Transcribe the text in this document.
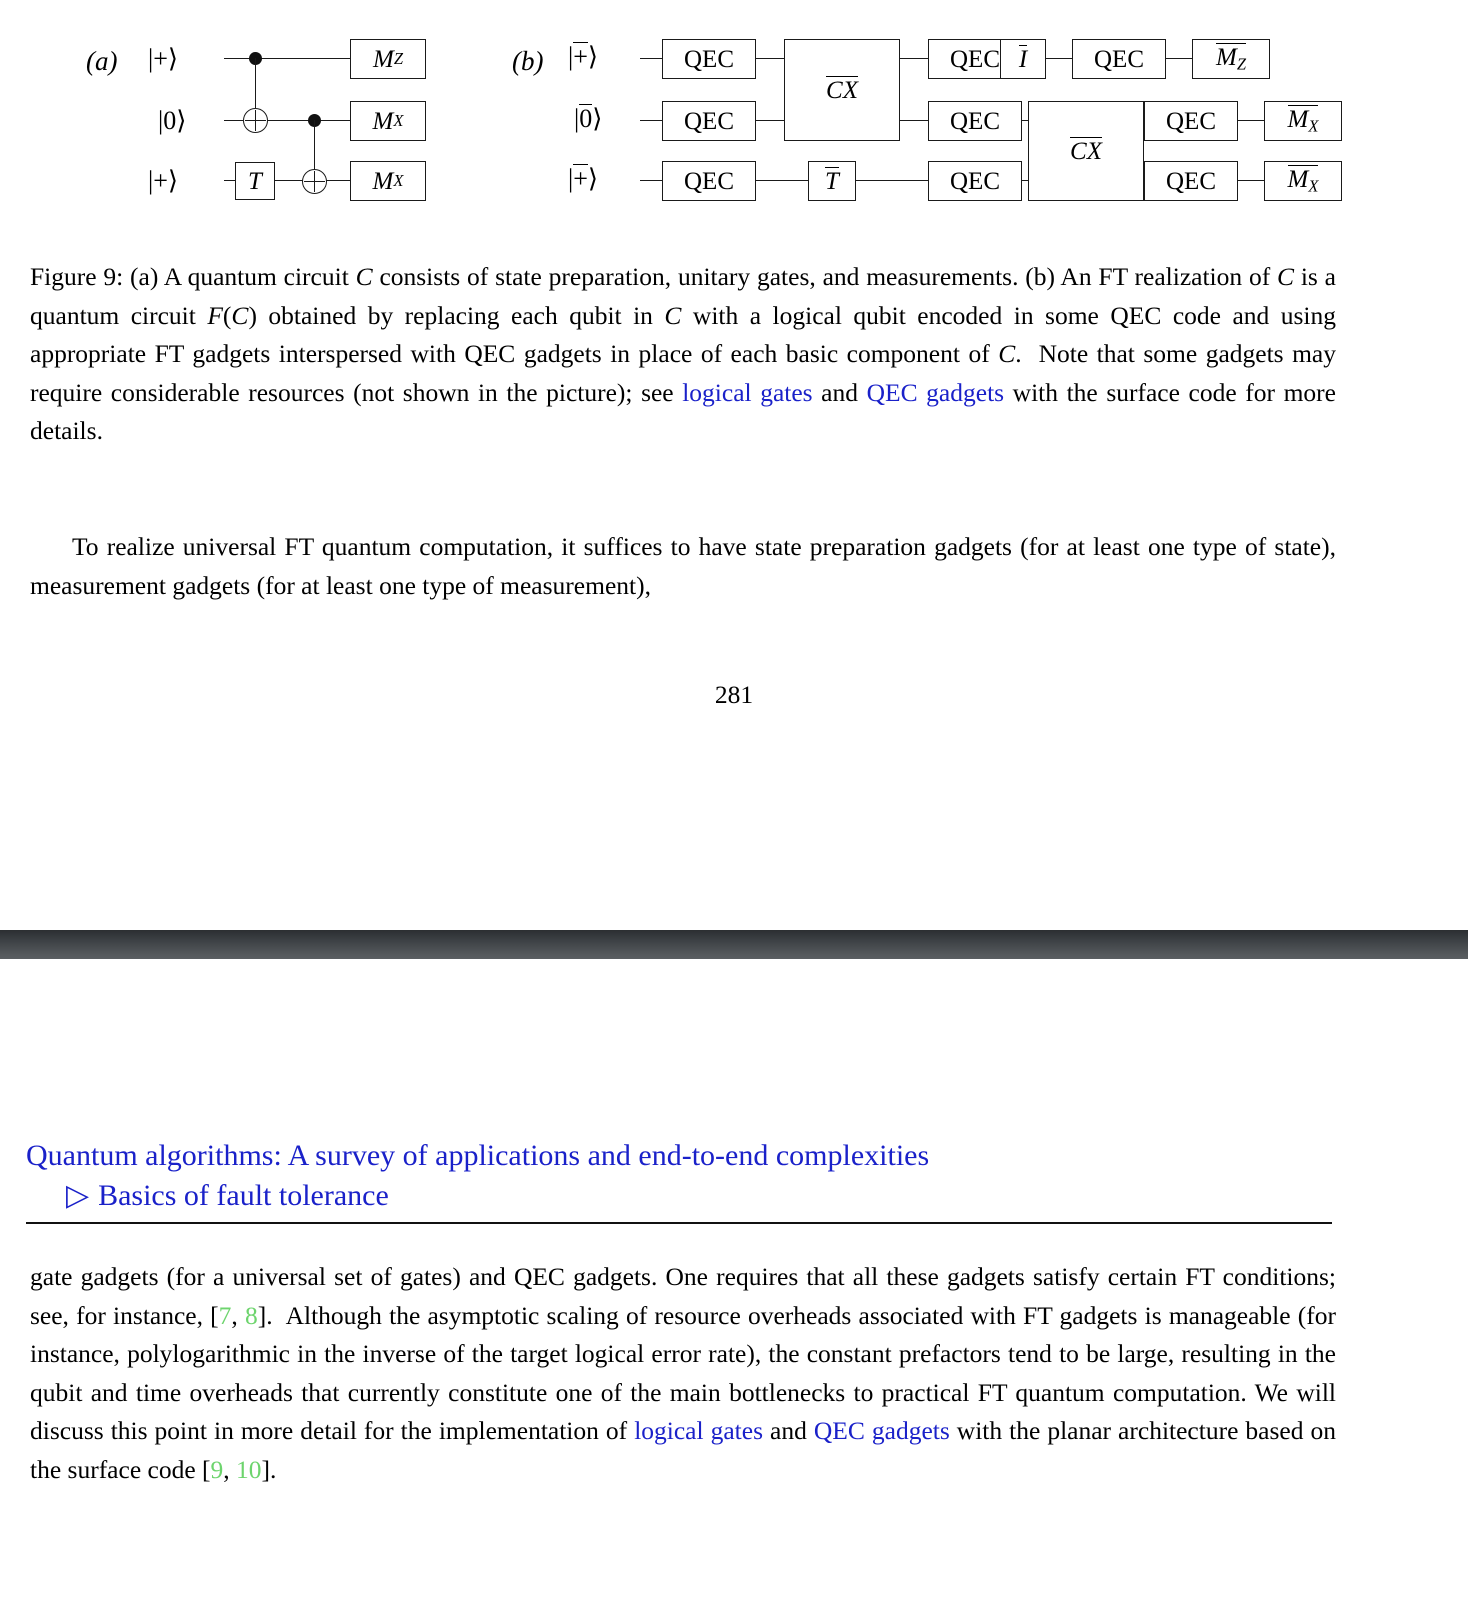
(a) |+⟩
|0⟩
|+⟩	T
M Z
M X
M X
(b) |+⟩
|0⟩
|+⟩
QEC
QEC
QEC
CX
T
QEC
QEC
QEC
I
CX
QEC
QEC
QEC
$M_Z$
$M_X$
$M_X$
Figure 9: (a) A quantum circuit C consists of state preparation, unitary gates, and measurements. (b) An FT realization of C is a quantum circuit F(C) obtained by replacing each qubit in C with a logical qubit encoded in some QEC code and using appropriate FT gadgets interspersed with QEC gadgets in place of each basic component of C.  Note that some gadgets may require considerable resources (not shown in the picture); see logical gates and QEC gadgets with the surface code for more details.
To realize universal FT quantum computation, it suffices to have state preparation gadgets (for at least one type of state), measurement gadgets (for at least one type of measurement),
281
Quantum algorithms: A survey of applications and end-to-end complexities
▷ Basics of fault tolerance
gate gadgets (for a universal set of gates) and QEC gadgets. One requires that all these gadgets satisfy certain FT conditions; see, for instance, [7, 8].  Although the asymptotic scaling of resource overheads associated with FT gadgets is manageable (for instance, polylogarithmic in the inverse of the target logical error rate), the constant prefactors tend to be large, resulting in the qubit and time overheads that currently constitute one of the main bottlenecks to practical FT quantum computation. We will discuss this point in more detail for the implementation of logical gates and QEC gadgets with the planar architecture based on the surface code [9, 10].
